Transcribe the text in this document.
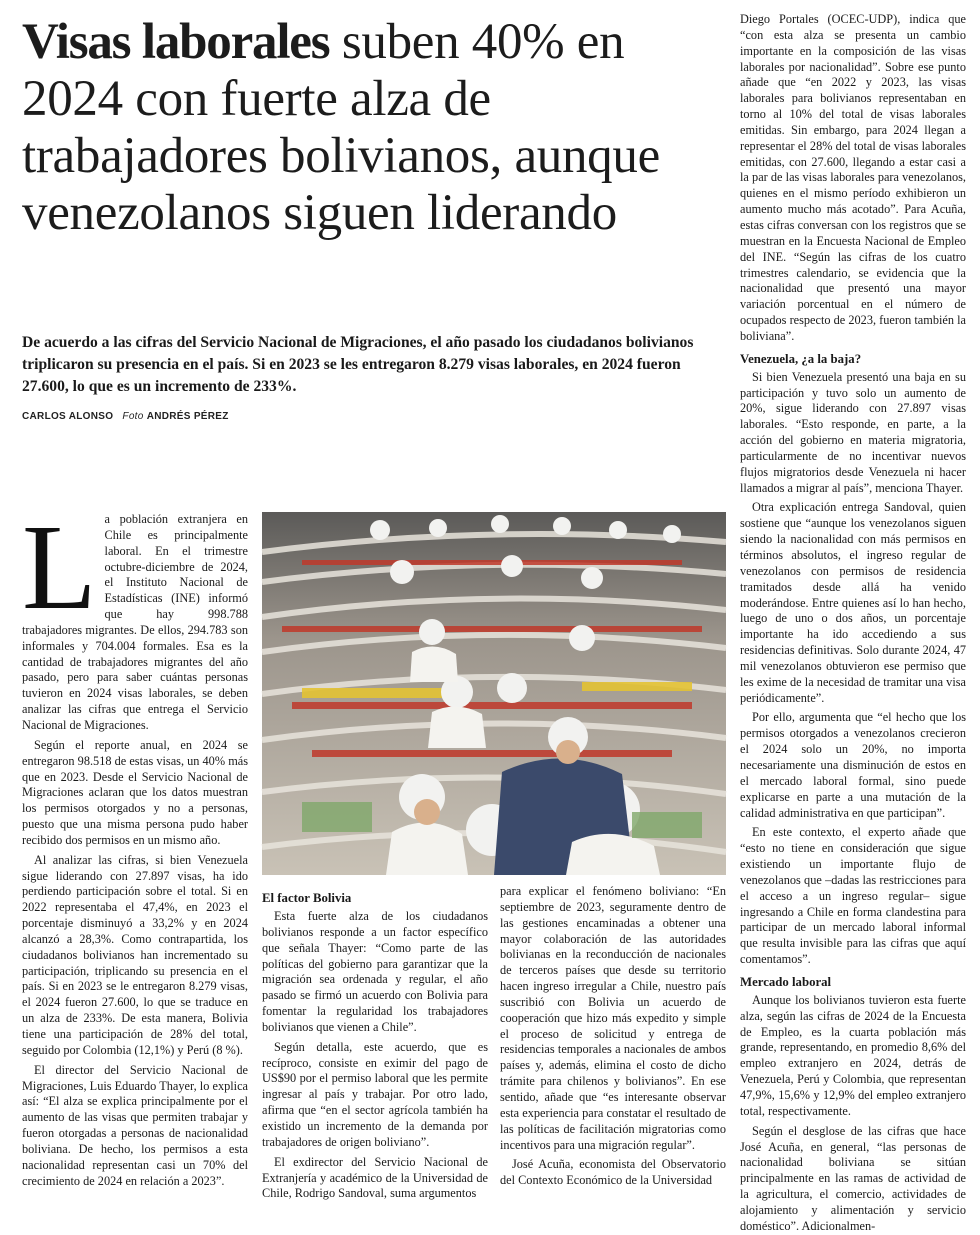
Visas laborales suben 40% en 2024 con fuerte alza de trabajadores bolivianos, aunque venezolanos siguen liderando

De acuerdo a las cifras del Servicio Nacional de Migraciones, el año pasado los ciudadanos bolivianos triplicaron su presencia en el país. Si en 2023 se les entregaron 8.279 visas laborales, en 2024 fueron 27.600, lo que es un incremento de 233%.

CARLOS ALONSO Foto ANDRÉS PÉREZ

La población extranjera en Chile es principalmente laboral. En el trimestre octubre-diciembre de 2024, el Instituto Nacional de Estadísticas (INE) informó que hay 998.788 trabajadores migrantes. De ellos, 294.783 son informales y 704.004 formales. Esa es la cantidad de trabajadores migrantes del año pasado, pero para saber cuántas personas tuvieron en 2024 visas laborales, se deben analizar las cifras que entrega el Servicio Nacional de Migraciones.

Según el reporte anual, en 2024 se entregaron 98.518 de estas visas, un 40% más que en 2023. Desde el Servicio Nacional de Migraciones aclaran que los datos muestran los permisos otorgados y no a personas, puesto que una misma persona pudo haber recibido dos permisos en un mismo año.

Al analizar las cifras, si bien Venezuela sigue liderando con 27.897 visas, ha ido perdiendo participación sobre el total. Si en 2022 representaba el 47,4%, en 2023 el porcentaje disminuyó a 33,2% y en 2024 alcanzó a 28,3%. Como contrapartida, los ciudadanos bolivianos han incrementado su participación, triplicando su presencia en el país. Si en 2023 se le entregaron 8.279 visas, el 2024 fueron 27.600, lo que se traduce en un alza de 233%. De esta manera, Bolivia tiene una participación de 28% del total, seguido por Colombia (12,1%) y Perú (8 %).

El director del Servicio Nacional de Migraciones, Luis Eduardo Thayer, lo explica así: “El alza se explica principalmente por el aumento de las visas que permiten trabajar y fueron otorgadas a personas de nacionalidad boliviana. De hecho, los permisos a esta nacionalidad representan casi un 70% del crecimiento de 2024 en relación a 2023”.

El factor Bolivia

Esta fuerte alza de los ciudadanos bolivianos responde a un factor específico que señala Thayer: “Como parte de las políticas del gobierno para garantizar que la migración sea ordenada y regular, el año pasado se firmó un acuerdo con Bolivia para fomentar la regularidad los trabajadores bolivianos que vienen a Chile”.

Según detalla, este acuerdo, que es recíproco, consiste en eximir del pago de US$90 por el permiso laboral que les permite ingresar al país y trabajar. Por otro lado, afirma que “en el sector agrícola también ha existido un incremento de la demanda por trabajadores de origen boliviano”.

El exdirector del Servicio Nacional de Extranjería y académico de la Universidad de Chile, Rodrigo Sandoval, suma argumentos

para explicar el fenómeno boliviano: “En septiembre de 2023, seguramente dentro de las gestiones encaminadas a obtener una mayor colaboración de las autoridades bolivianas en la reconducción de nacionales de terceros países que desde su territorio hacen ingreso irregular a Chile, nuestro país suscribió con Bolivia un acuerdo de cooperación que hizo más expedito y simple el proceso de solicitud y entrega de residencias temporales a nacionales de ambos países y, además, elimina el costo de dicho trámite para chilenos y bolivianos”. En ese sentido, añade que “es interesante observar esta experiencia para constatar el resultado de las políticas de facilitación migratorias como incentivos para una migración regular”.

José Acuña, economista del Observatorio del Contexto Económico de la Universidad

Diego Portales (OCEC-UDP), indica que “con esta alza se presenta un cambio importante en la composición de las visas laborales por nacionalidad”. Sobre ese punto añade que “en 2022 y 2023, las visas laborales para bolivianos representaban en torno al 10% del total de visas laborales emitidas. Sin embargo, para 2024 llegan a representar el 28% del total de visas laborales emitidas, con 27.600, llegando a estar casi a la par de las visas laborales para venezolanos, quienes en el mismo período exhibieron un aumento mucho más acotado”. Para Acuña, estas cifras conversan con los registros que se muestran en la Encuesta Nacional de Empleo del INE. “Según las cifras de los cuatro trimestres calendario, se evidencia que la nacionalidad que presentó una mayor variación porcentual en el número de ocupados respecto de 2023, fueron también la boliviana”.

Venezuela, ¿a la baja?

Si bien Venezuela presentó una baja en su participación y tuvo solo un aumento de 20%, sigue liderando con 27.897 visas laborales. “Esto responde, en parte, a la acción del gobierno en materia migratoria, particularmente de no incentivar nuevos flujos migratorios desde Venezuela ni hacer llamados a migrar al país”, menciona Thayer.

Otra explicación entrega Sandoval, quien sostiene que “aunque los venezolanos siguen siendo la nacionalidad con más permisos en términos absolutos, el ingreso regular de venezolanos con permisos de residencia tramitados desde allá ha venido moderándose. Entre quienes así lo han hecho, luego de uno o dos años, un porcentaje importante ha ido accediendo a sus residencias definitivas. Solo durante 2024, 47 mil venezolanos obtuvieron ese permiso que les exime de la necesidad de tramitar una visa periódicamente”.

Por ello, argumenta que “el hecho que los permisos otorgados a venezolanos crecieron el 2024 solo un 20%, no importa necesariamente una disminución de estos en el mercado laboral formal, sino puede explicarse en parte a una mutación de la calidad administrativa en que participan”.

En este contexto, el experto añade que “esto no tiene en consideración que sigue existiendo un importante flujo de venezolanos que –dadas las restricciones para el acceso a un ingreso regular– sigue ingresando a Chile en forma clandestina para participar de un mercado laboral informal que resulta invisible para las cifras que aquí comentamos”.

Mercado laboral

Aunque los bolivianos tuvieron esta fuerte alza, según las cifras de 2024 de la Encuesta de Empleo, es la cuarta población más grande, representando, en promedio 8,6% del empleo extranjero en 2024, detrás de Venezuela, Perú y Colombia, que representan 47,9%, 15,6% y 12,9% del empleo extranjero total, respectivamente.

Según el desglose de las cifras que hace José Acuña, en general, “las personas de nacionalidad boliviana se sitúan principalmente en las ramas de actividad de la agricultura, el comercio, actividades de alojamiento y alimentación y servicio doméstico”. Adicionalmen-
